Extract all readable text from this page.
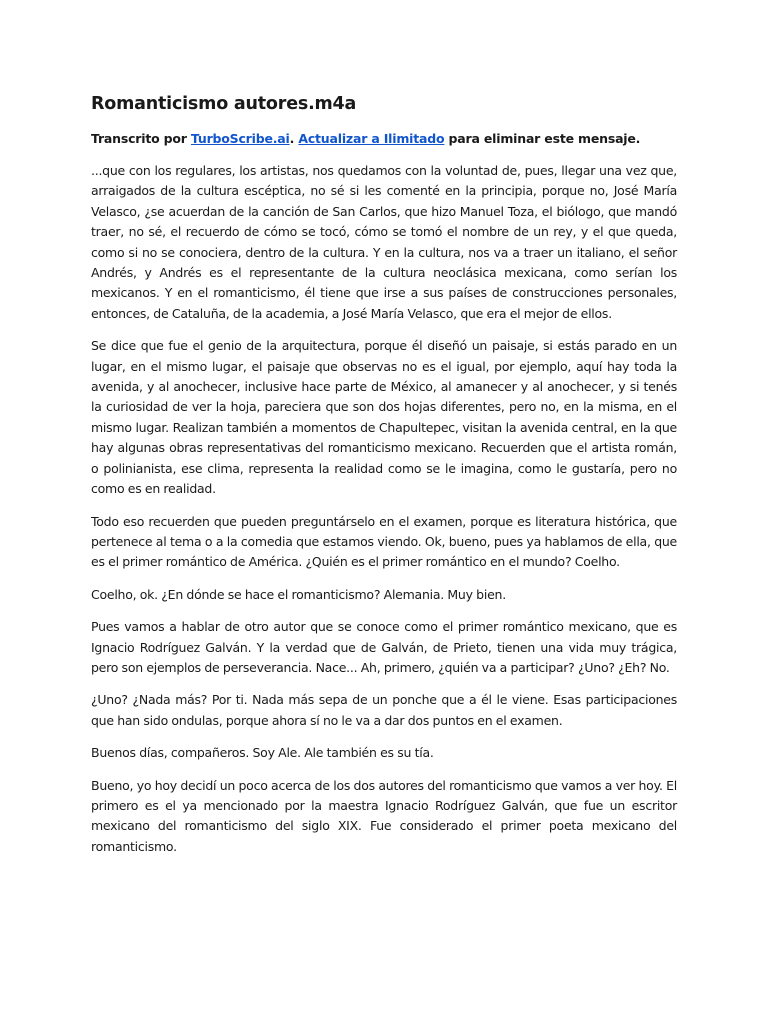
Romanticismo autores.m4a
Transcrito por TurboScribe.ai. Actualizar a Ilimitado para eliminar este mensaje.

...que con los regulares, los artistas, nos quedamos con la voluntad de, pues, llegar una vez que, arraigados de la cultura escéptica, no sé si les comenté en la principia, porque no, José María Velasco, ¿se acuerdan de la canción de San Carlos, que hizo Manuel Toza, el biólogo, que mandó traer, no sé, el recuerdo de cómo se tocó, cómo se tomó el nombre de un rey, y el que queda, como si no se conociera, dentro de la cultura. Y en la cultura, nos va a traer un italiano, el señor Andrés, y Andrés es el representante de la cultura neoclásica mexicana, como serían los mexicanos. Y en el romanticismo, él tiene que irse a sus países de construcciones personales, entonces, de Cataluña, de la academia, a José María Velasco, que era el mejor de ellos.

Se dice que fue el genio de la arquitectura, porque él diseñó un paisaje, si estás parado en un lugar, en el mismo lugar, el paisaje que observas no es el igual, por ejemplo, aquí hay toda la avenida, y al anochecer, inclusive hace parte de México, al amanecer y al anochecer, y si tenés la curiosidad de ver la hoja, pareciera que son dos hojas diferentes, pero no, en la misma, en el mismo lugar. Realizan también a momentos de Chapultepec, visitan la avenida central, en la que hay algunas obras representativas del romanticismo mexicano. Recuerden que el artista román, o polinianista, ese clima, representa la realidad como se le imagina, como le gustaría, pero no como es en realidad.

Todo eso recuerden que pueden preguntárselo en el examen, porque es literatura histórica, que pertenece al tema o a la comedia que estamos viendo. Ok, bueno, pues ya hablamos de ella, que es el primer romántico de América. ¿Quién es el primer romántico en el mundo? Coelho.

Coelho, ok. ¿En dónde se hace el romanticismo? Alemania. Muy bien.

Pues vamos a hablar de otro autor que se conoce como el primer romántico mexicano, que es Ignacio Rodríguez Galván. Y la verdad que de Galván, de Prieto, tienen una vida muy trágica, pero son ejemplos de perseverancia. Nace... Ah, primero, ¿quién va a participar? ¿Uno? ¿Eh? No.

¿Uno? ¿Nada más? Por ti. Nada más sepa de un ponche que a él le viene. Esas participaciones que han sido ondulas, porque ahora sí no le va a dar dos puntos en el examen.

Buenos días, compañeros. Soy Ale. Ale también es su tía.

Bueno, yo hoy decidí un poco acerca de los dos autores del romanticismo que vamos a ver hoy. El primero es el ya mencionado por la maestra Ignacio Rodríguez Galván, que fue un escritor mexicano del romanticismo del siglo XIX. Fue considerado el primer poeta mexicano del romanticismo.
